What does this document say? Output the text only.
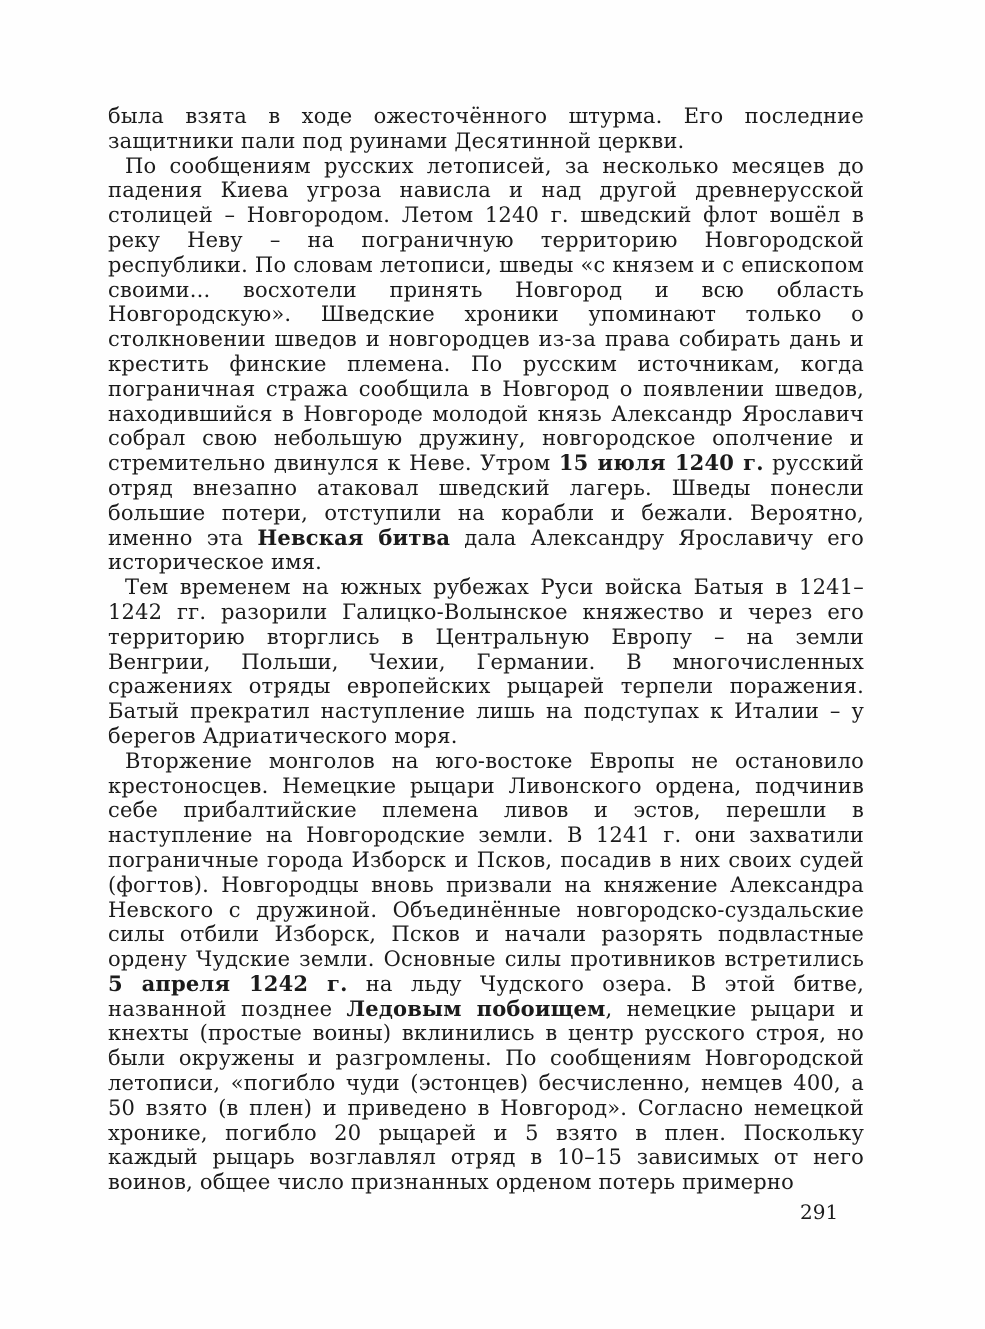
была взята в ходе ожесточённого штурма. Его последние защитники пали под руинами Десятинной церкви.

По сообщениям русских летописей, за несколько месяцев до падения Киева угроза нависла и над другой древнерусской столицей – Новгородом. Летом 1240 г. шведский флот вошёл в реку Неву – на пограничную территорию Новгородской республики. По словам летописи, шведы «с князем и с епископом своими... восхотели принять Новгород и всю область Новгородскую». Шведские хроники упоминают только о столкновении шведов и новгородцев из-за права собирать дань и крестить финские племена. По русским источникам, когда пограничная стража сообщила в Новгород о появлении шведов, находившийся в Новгороде молодой князь Александр Ярославич собрал свою небольшую дружину, новгородское ополчение и стремительно двинулся к Неве. Утром 15 июля 1240 г. русский отряд внезапно атаковал шведский лагерь. Шведы понесли большие потери, отступили на корабли и бежали. Вероятно, именно эта Невская битва дала Александру Ярославичу его историческое имя.

Тем временем на южных рубежах Руси войска Батыя в 1241–1242 гг. разорили Галицко-Волынское княжество и через его территорию вторглись в Центральную Европу – на земли Венгрии, Польши, Чехии, Германии. В многочисленных сражениях отряды европейских рыцарей терпели поражения. Батый прекратил наступление лишь на подступах к Италии – у берегов Адриатического моря.

Вторжение монголов на юго-востоке Европы не остановило крестоносцев. Немецкие рыцари Ливонского ордена, подчинив себе прибалтийские племена ливов и эстов, перешли в наступление на Новгородские земли. В 1241 г. они захватили пограничные города Изборск и Псков, посадив в них своих судей (фогтов). Новгородцы вновь призвали на княжение Александра Невского с дружиной. Объединённые новгородско-суздальские силы отбили Изборск, Псков и начали разорять подвластные ордену Чудские земли. Основные силы противников встретились 5 апреля 1242 г. на льду Чудского озера. В этой битве, названной позднее Ледовым побоищем, немецкие рыцари и кнехты (простые воины) вклинились в центр русского строя, но были окружены и разгромлены. По сообщениям Новгородской летописи, «погибло чуди (эстонцев) бесчисленно, немцев 400, а 50 взято (в плен) и приведено в Новгород». Согласно немецкой хронике, погибло 20 рыцарей и 5 взято в плен. Поскольку каждый рыцарь возглавлял отряд в 10–15 зависимых от него воинов, общее число признанных орденом потерь примерно

291
